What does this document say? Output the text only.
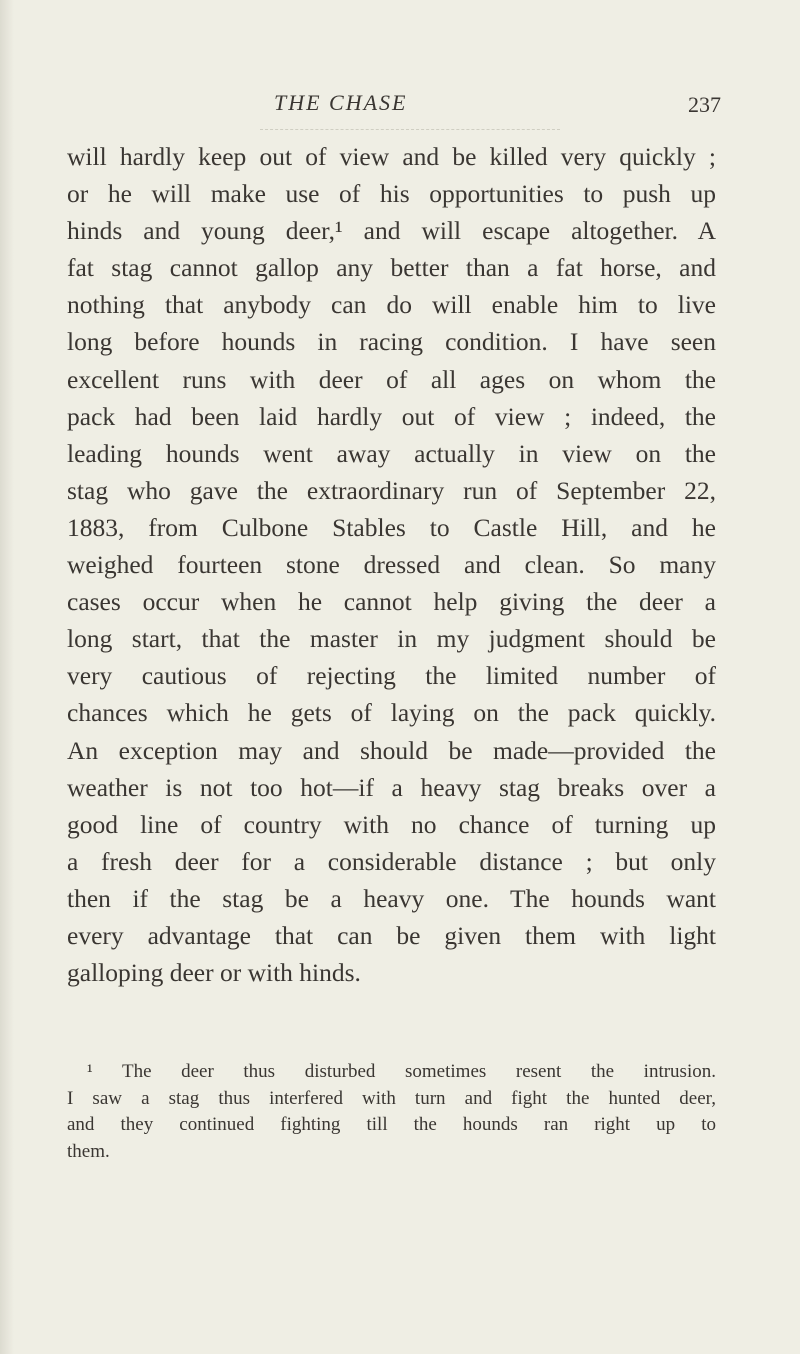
THE CHASE	237
will hardly keep out of view and be killed very quickly ;
or he will make use of his opportunities to push up
hinds and young deer,¹ and will escape altogether. A
fat stag cannot gallop any better than a fat horse, and
nothing that anybody can do will enable him to live
long before hounds in racing condition. I have seen
excellent runs with deer of all ages on whom the
pack had been laid hardly out of view ; indeed, the
leading hounds went away actually in view on the
stag who gave the extraordinary run of September 22,
1883, from Culbone Stables to Castle Hill, and he
weighed fourteen stone dressed and clean. So many
cases occur when he cannot help giving the deer a
long start, that the master in my judgment should be
very cautious of rejecting the limited number of
chances which he gets of laying on the pack quickly.
An exception may and should be made—provided the
weather is not too hot—if a heavy stag breaks over a
good line of country with no chance of turning up
a fresh deer for a considerable distance ; but only
then if the stag be a heavy one. The hounds want
every advantage that can be given them with light
galloping deer or with hinds.
¹ The deer thus disturbed sometimes resent the intrusion.
I saw a stag thus interfered with turn and fight the hunted deer,
and they continued fighting till the hounds ran right up to
them.
